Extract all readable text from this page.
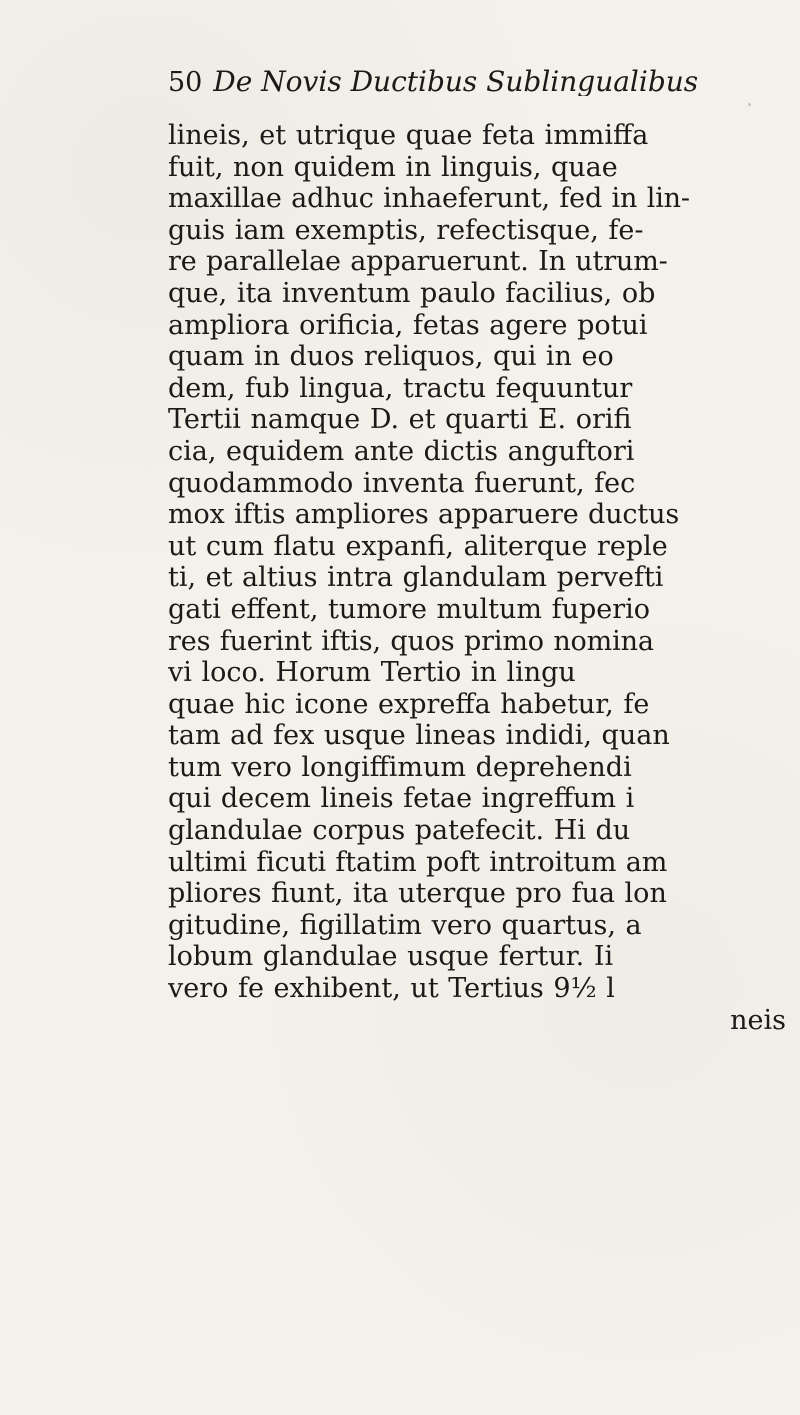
50 De Novis Ductibus Sublingualibus
lineis, et utrique quae feta immiffa
fuit, non quidem in linguis, quae
maxillae adhuc inhaeferunt, fed in lin-
guis iam exemptis, refectisque, fe-
re parallelae apparuerunt. In utrum-
que, ita inventum paulo facilius, ob
ampliora orificia, fetas agere potui
quam in duos reliquos, qui in eo
dem, fub lingua, tractu fequuntur
Tertii namque D. et quarti E. orifi
cia, equidem ante dictis anguftori
quodammodo inventa fuerunt, fec
mox iftis ampliores apparuere ductus
ut cum flatu expanfi, aliterque reple
ti, et altius intra glandulam pervefti
gati effent, tumore multum fuperio
res fuerint iftis, quos primo nomina
vi loco. Horum Tertio in lingu
quae hic icone expreffa habetur, fe
tam ad fex usque lineas indidi, quan
tum vero longiffimum deprehendi
qui decem lineis fetae ingreffum i
glandulae corpus patefecit. Hi du
ultimi ficuti ftatim poft introitum am
pliores fiunt, ita uterque pro fua lon
gitudine, figillatim vero quartus, a
lobum glandulae usque fertur. Ii
vero fe exhibent, ut Tertius 9½ l
neis
